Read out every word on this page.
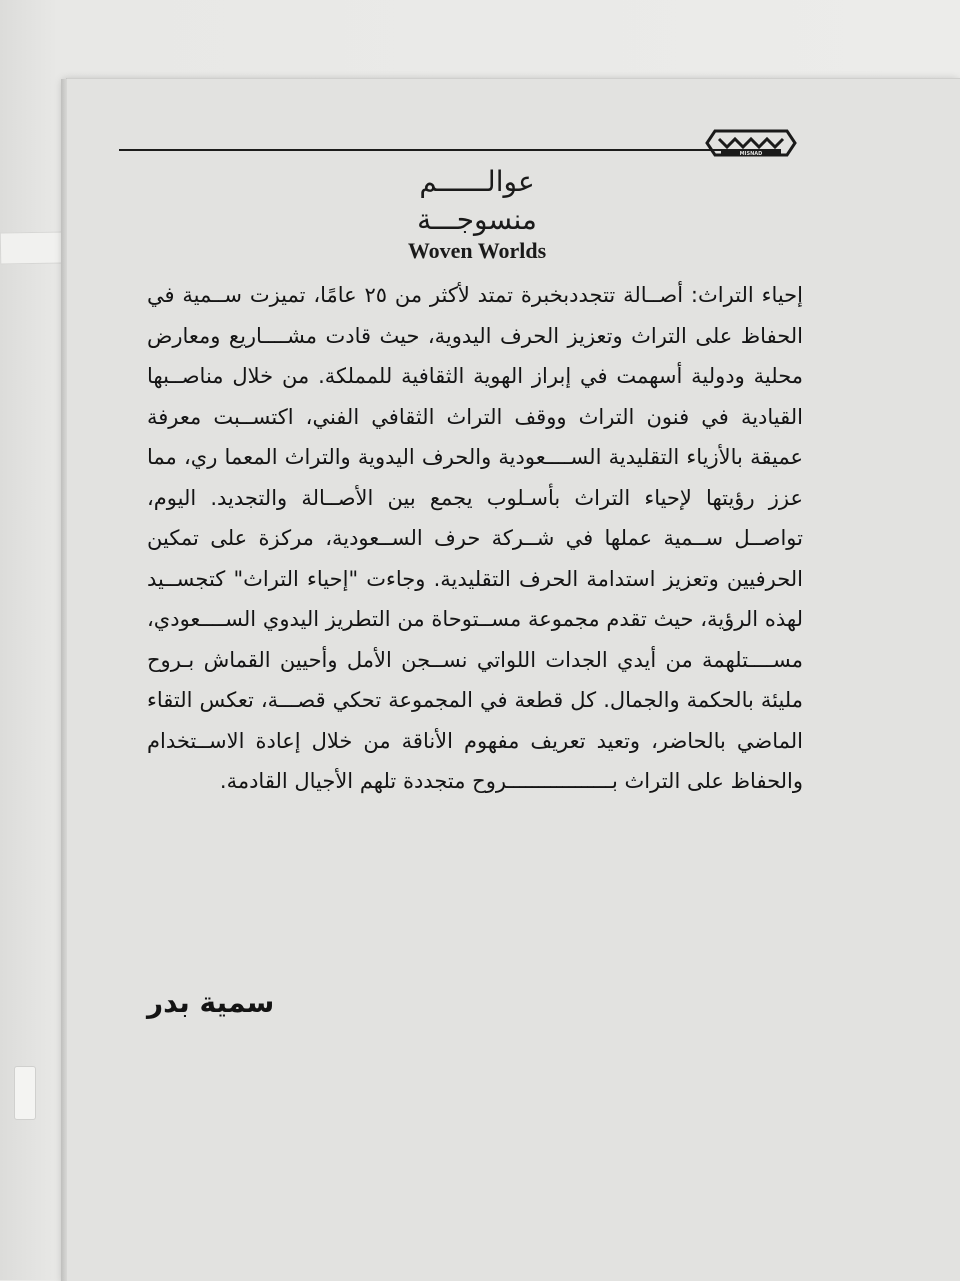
MISNAD
عوالــــــم
منسوجـــة
Woven Worlds

إحياء التراث: أصــالة تتجددبخبرة تمتد لأكثر من ٢٥ عامًا، تميزت ســمية في الحفاظ على التراث وتعزيز الحرف اليدوية، حيث قادت مشــــاريع ومعارض محلية ودولية أسهمت في إبراز الهوية الثقافية للمملكة. من خلال مناصــبها القيادية في فنون التراث ووقف التراث الثقافي الفني، اكتســبت معرفة عميقة بالأزياء التقليدية الســــعودية والحرف اليدوية والتراث المعما ري، مما عزز رؤيتها لإحياء التراث بأسـلوب يجمع بين الأصــالة والتجديد. اليوم، تواصــل ســمية عملها في شــركة حرف الســعودية، مركزة على تمكين الحرفيين وتعزيز استدامة الحرف التقليدية. وجاءت "إحياء التراث" كتجســيد لهذه الرؤية، حيث تقدم مجموعة مســتوحاة من التطريز اليدوي الســــعودي، مســــتلهمة من أيدي الجدات اللواتي نســجن الأمل وأحيين القماش بـروح مليئة بالحكمة والجمال. كل قطعة في المجموعة تحكي قصـــة، تعكس التقاء الماضي بالحاضر، وتعيد تعريف مفهوم الأناقة من خلال إعادة الاســتخدام والحفاظ على التراث بـــــــــــــــــروح متجددة تلهم الأجيال القادمة.

سمية بدر
